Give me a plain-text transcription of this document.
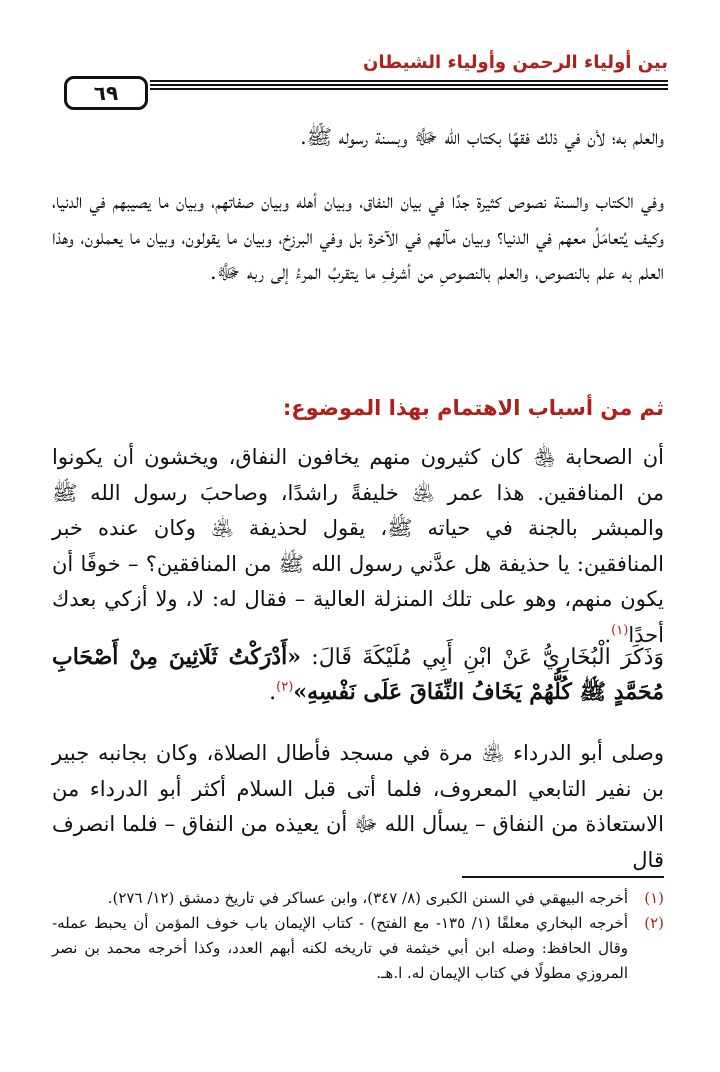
بين أولياء الرحمن وأولياء الشيطان
٦٩

والعلم به؛ لأن في ذلك فقهًا بكتاب الله ﷻ وبسنة رسوله ﷺ.

وفي الكتاب والسنة نصوص كثيرة جدًا في بيان النفاق، وبيان أهله وبيان صفاتهم، وبيان ما يصيبهم في الدنيا، وكيف يُتعامَلُ معهم في الدنيا؟ وبيان مآلهم في الآخرة بل وفي البرزخ، وبيان ما يقولون، وبيان ما يعملون، وهذا العلم به علم بالنصوص، والعلم بالنصوصِ من أشرفِ ما يتقربُ المرءُ إلى ربه ﷻ.

ثم من أسباب الاهتمام بهذا الموضوع:

أن الصحابة ﵃ كان كثيرون منهم يخافون النفاق، ويخشون أن يكونوا من المنافقين. هذا عمر ﵁ خليفةً راشدًا، وصاحبَ رسول الله ﷺ والمبشر بالجنة في حياته ﷺ، يقول لحذيفة ﵁ وكان عنده خبر المنافقين: يا حذيفة هل عدَّني رسول الله ﷺ من المنافقين؟ – خوفًا أن يكون منهم، وهو على تلك المنزلة العالية – فقال له: لا، ولا أزكي بعدك أحدًا$^{(١)}$.

وَذَكَرَ الْبُخَارِيُّ عَنْ ابْنِ أَبِي مُلَيْكَةَ قَالَ: «أَدْرَكْتُ ثَلَاثِينَ مِنْ أَصْحَابِ مُحَمَّدٍ ﷺ كُلُّهُمْ يَخَافُ النِّفَاقَ عَلَى نَفْسِهِ»$^{(٢)}$.

وصلى أبو الدرداء ﵁ مرة في مسجد فأطال الصلاة، وكان بجانبه جبير بن نفير التابعي المعروف، فلما أتى قبل السلام أكثر أبو الدرداء من الاستعاذة من النفاق – يسأل الله ﷻ أن يعيذه من النفاق – فلما انصرف قال

(١)
أخرجه البيهقي في السنن الكبرى (٨/ ٣٤٧)، وابن عساكر في تاريخ دمشق (١٢/ ٢٧٦).

(٢)
أخرجه البخاري معلقًا (١/ ١٣٥- مع الفتح) - كتاب الإيمان باب خوف المؤمن أن يحبط عمله- وقال الحافظ: وصله ابن أبي خيثمة في تاريخه لكنه أبهم العدد، وكذا أخرجه محمد بن نصر المروزي مطولًا في كتاب الإيمان له. ا.هـ.
